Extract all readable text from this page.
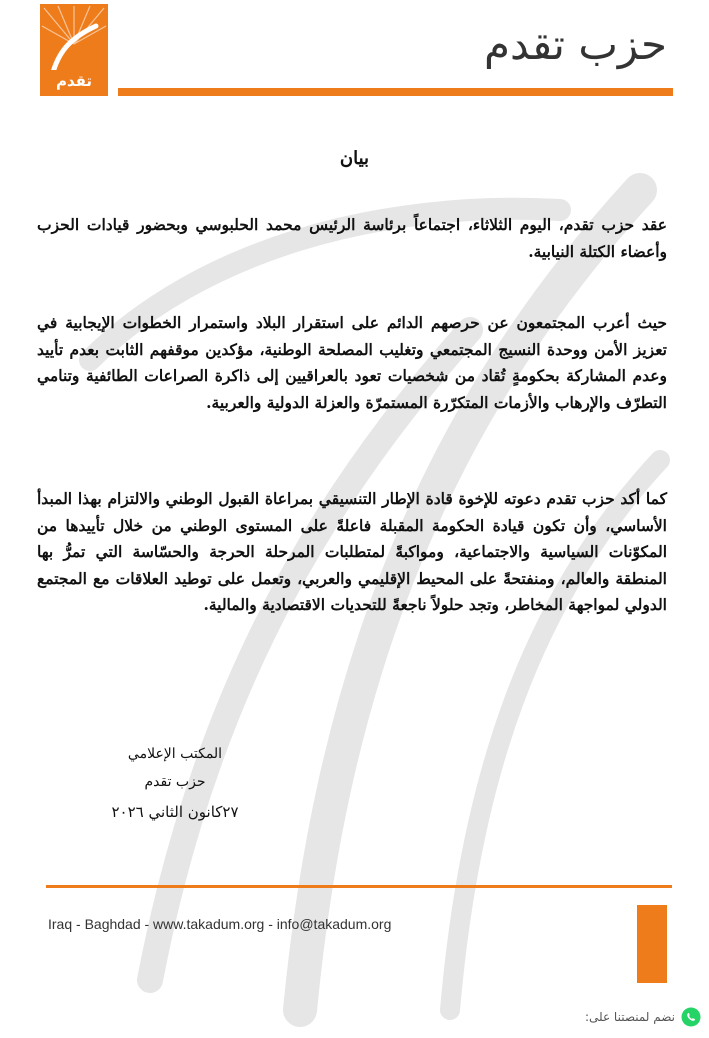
تقدم
حزب تقدم
بيان
عقد حزب تقدم، اليوم الثلاثاء، اجتماعاً برئاسة الرئيس محمد الحلبوسي وبحضور قيادات الحزب وأعضاء الكتلة النيابية.
حيث أعرب المجتمعون عن حرصهم الدائم على استقرار البلاد واستمرار الخطوات الإيجابية في تعزيز الأمن ووحدة النسيج المجتمعي وتغليب المصلحة الوطنية، مؤكدين موقفهم الثابت بعدم تأييد وعدم المشاركة بحكومةٍ تُقاد من شخصيات تعود بالعراقيين إلى ذاكرة الصراعات الطائفية وتنامي التطرّف والإرهاب والأزمات المتكرّرة المستمرّة والعزلة الدولية والعربية.
كما أكد حزب تقدم دعوته للإخوة قادة الإطار التنسيقي بمراعاة القبول الوطني والالتزام بهذا المبدأ الأساسي، وأن تكون قيادة الحكومة المقبلة فاعلةً على المستوى الوطني من خلال تأييدها من المكوّنات السياسية والاجتماعية، ومواكبةً لمتطلبات المرحلة الحرجة والحسّاسة التي تمرُّ بها المنطقة والعالم، ومنفتحةً على المحيط الإقليمي والعربي، وتعمل على توطيد العلاقات مع المجتمع الدولي لمواجهة المخاطر، وتجد حلولاً ناجعةً للتحديات الاقتصادية والمالية.
المكتب الإعلامي
حزب تقدم
٢٧كانون الثاني ٢٠٢٦
Iraq - Baghdad - www.takadum.org - info@takadum.org
نضم لمنصتنا على:
